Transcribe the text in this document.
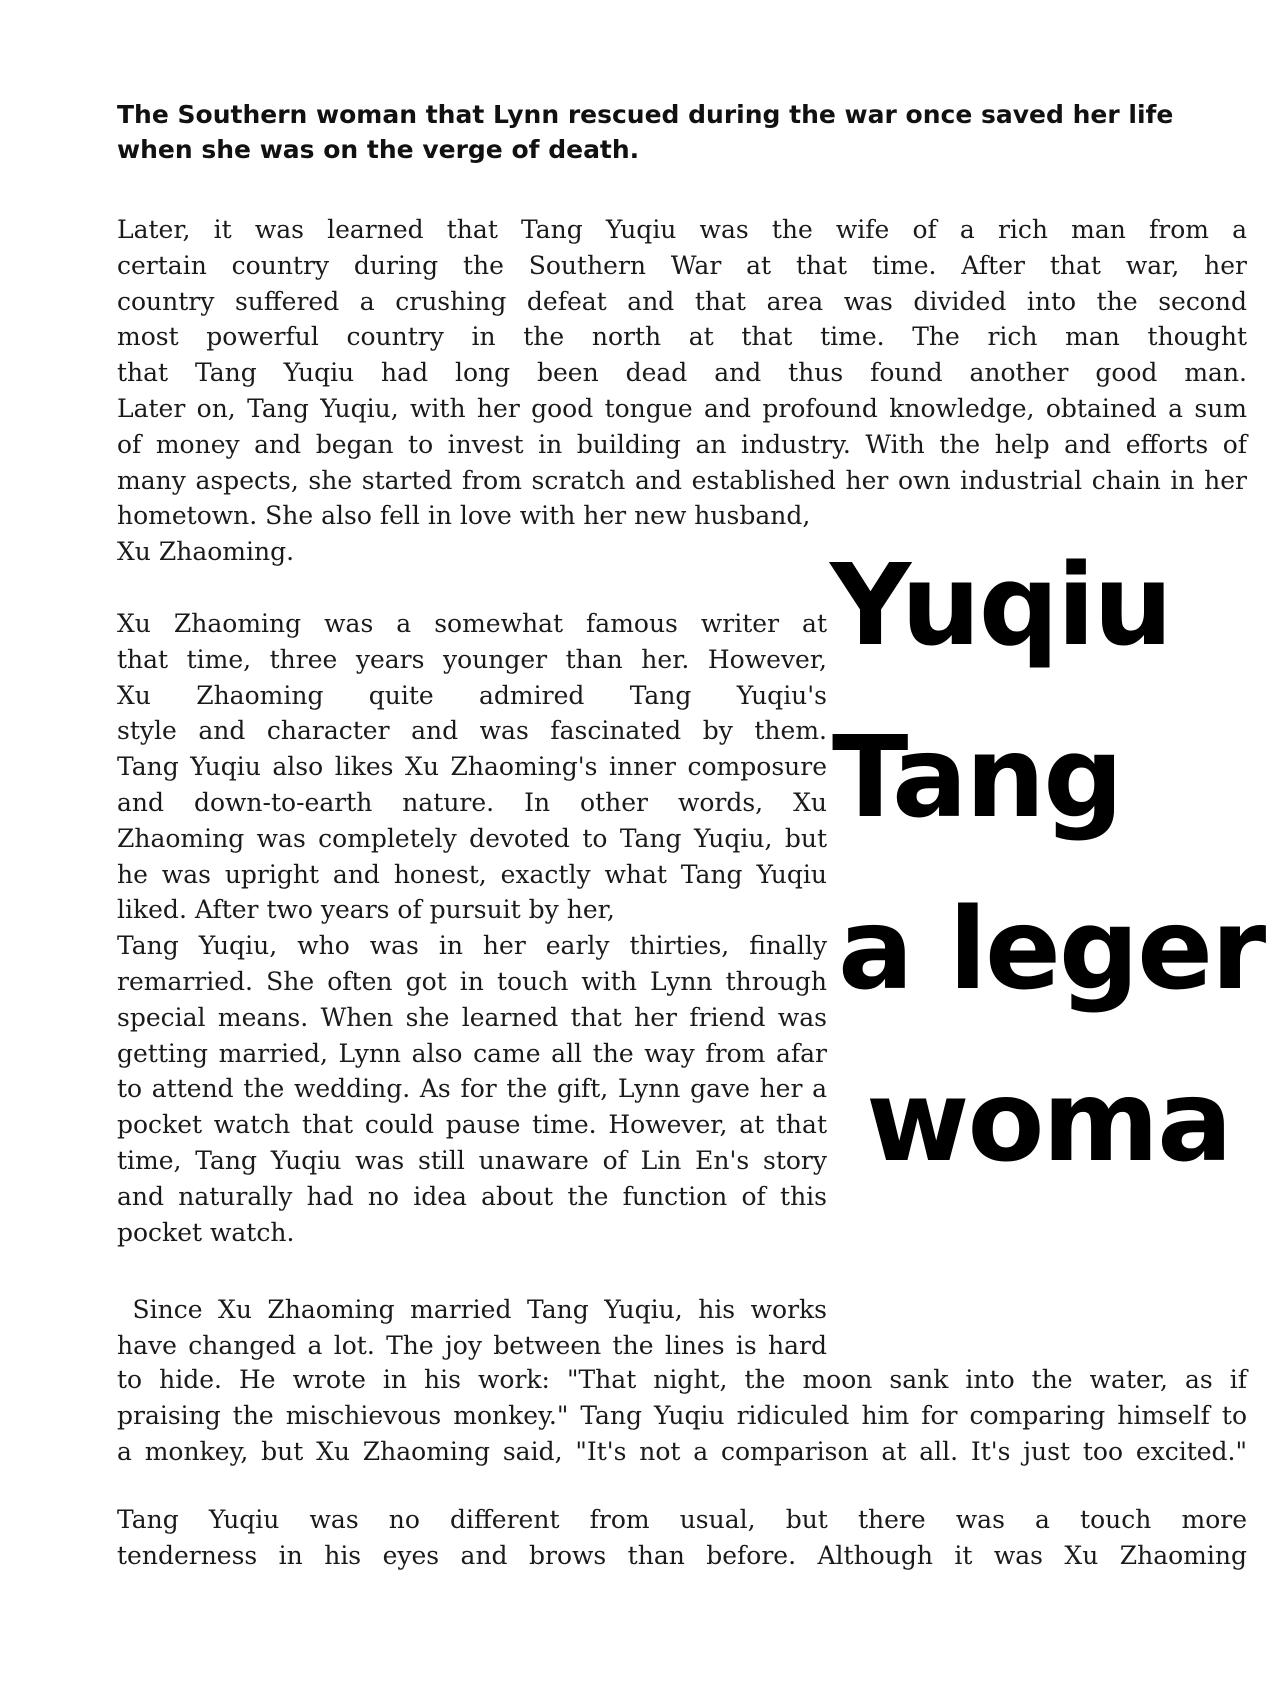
The Southern woman that Lynn rescued during the war once saved her life when she was on the verge of death.

Later, it was learned that Tang Yuqiu was the wife of a rich man from a
certain country during the Southern War at that time. After that war, her
country suffered a crushing defeat and that area was divided into the second
most powerful country in the north at that time. The rich man thought
that Tang Yuqiu had long been dead and thus found another good man.
Later on, Tang Yuqiu, with her good tongue and profound knowledge, obtained a sum
of money and began to invest in building an industry. With the help and efforts of
many aspects, she started from scratch and established her own industrial chain in her
hometown. She also fell in love with her new husband,
Xu Zhaoming.
Xu Zhaoming was a somewhat famous writer at
that time, three years younger than her. However,
Xu Zhaoming quite admired Tang Yuqiu's
style and character and was fascinated by them.
Tang Yuqiu also likes Xu Zhaoming's inner composure
and down-to-earth nature. In other words, Xu
Zhaoming was completely devoted to Tang Yuqiu, but
he was upright and honest, exactly what Tang Yuqiu
liked. After two years of pursuit by her,
Tang Yuqiu, who was in her early thirties, finally
remarried. She often got in touch with Lynn through
special means. When she learned that her friend was
getting married, Lynn also came all the way from afar
to attend the wedding. As for the gift, Lynn gave her a
pocket watch that could pause time. However, at that
time, Tang Yuqiu was still unaware of Lin En's story
and naturally had no idea about the function of this
pocket watch.
Since Xu Zhaoming married Tang Yuqiu, his works
have changed a lot. The joy between the lines is hard
to hide. He wrote in his work: "That night, the moon sank into the water, as if
praising the mischievous monkey." Tang Yuqiu ridiculed him for comparing himself to
a monkey, but Xu Zhaoming said, "It's not a comparison at all. It's just too excited."
Tang Yuqiu was no different from usual, but there was a touch more
tenderness in his eyes and brows than before. Although it was Xu Zhaoming
Yuqiu
Tang
a leger
woma
